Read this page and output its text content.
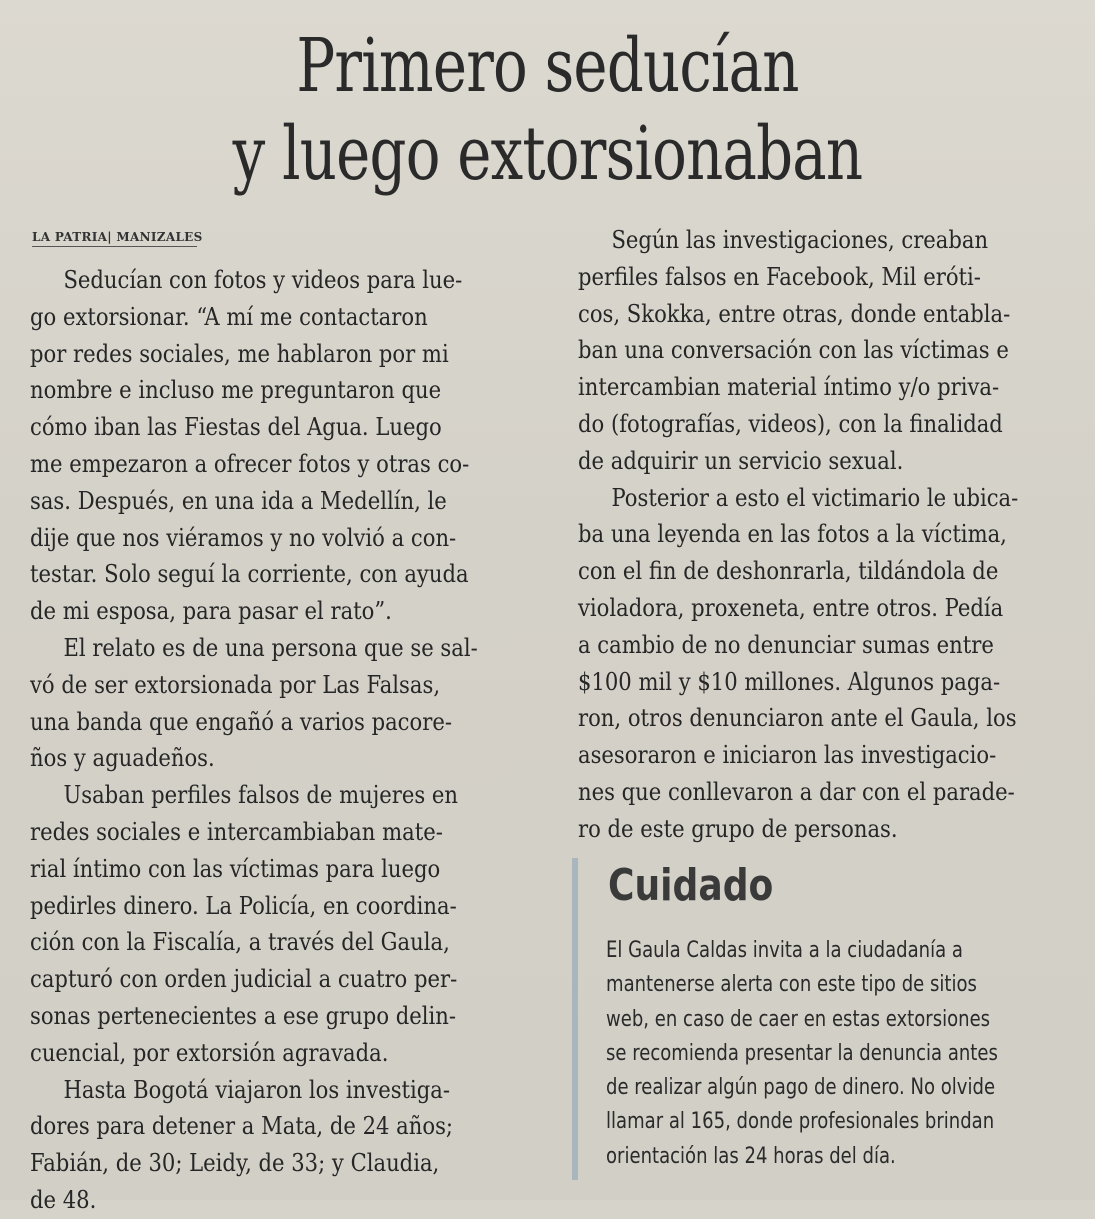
Primero seducían
y luego extorsionaban
LA PATRIA| MANIZALES
Seducían con fotos y videos para lue-
go extorsionar. “A mí me contactaron
por redes sociales, me hablaron por mi
nombre e incluso me preguntaron que
cómo iban las Fiestas del Agua. Luego
me empezaron a ofrecer fotos y otras co-
sas. Después, en una ida a Medellín, le
dije que nos viéramos y no volvió a con-
testar. Solo seguí la corriente, con ayuda
de mi esposa, para pasar el rato”.
El relato es de una persona que se sal-
vó de ser extorsionada por Las Falsas,
una banda que engañó a varios pacore-
ños y aguadeños.
Usaban perfiles falsos de mujeres en
redes sociales e intercambiaban mate-
rial íntimo con las víctimas para luego
pedirles dinero. La Policía, en coordina-
ción con la Fiscalía, a través del Gaula,
capturó con orden judicial a cuatro per-
sonas pertenecientes a ese grupo delin-
cuencial, por extorsión agravada.
Hasta Bogotá viajaron los investiga-
dores para detener a Mata, de 24 años;
Fabián, de 30; Leidy, de 33; y Claudia,
de 48.
Según las investigaciones, creaban
perfiles falsos en Facebook, Mil eróti-
cos, Skokka, entre otras, donde entabla-
ban una conversación con las víctimas e
intercambian material íntimo y/o priva-
do (fotografías, videos), con la finalidad
de adquirir un servicio sexual.
Posterior a esto el victimario le ubica-
ba una leyenda en las fotos a la víctima,
con el fin de deshonrarla, tildándola de
violadora, proxeneta, entre otros. Pedía
a cambio de no denunciar sumas entre
$100 mil y $10 millones. Algunos paga-
ron, otros denunciaron ante el Gaula, los
asesoraron e iniciaron las investigacio-
nes que conllevaron a dar con el parade-
ro de este grupo de personas.
Cuidado
El Gaula Caldas invita a la ciudadanía a
mantenerse alerta con este tipo de sitios
web, en caso de caer en estas extorsiones
se recomienda presentar la denuncia antes
de realizar algún pago de dinero. No olvide
llamar al 165, donde profesionales brindan
orientación las 24 horas del día.
